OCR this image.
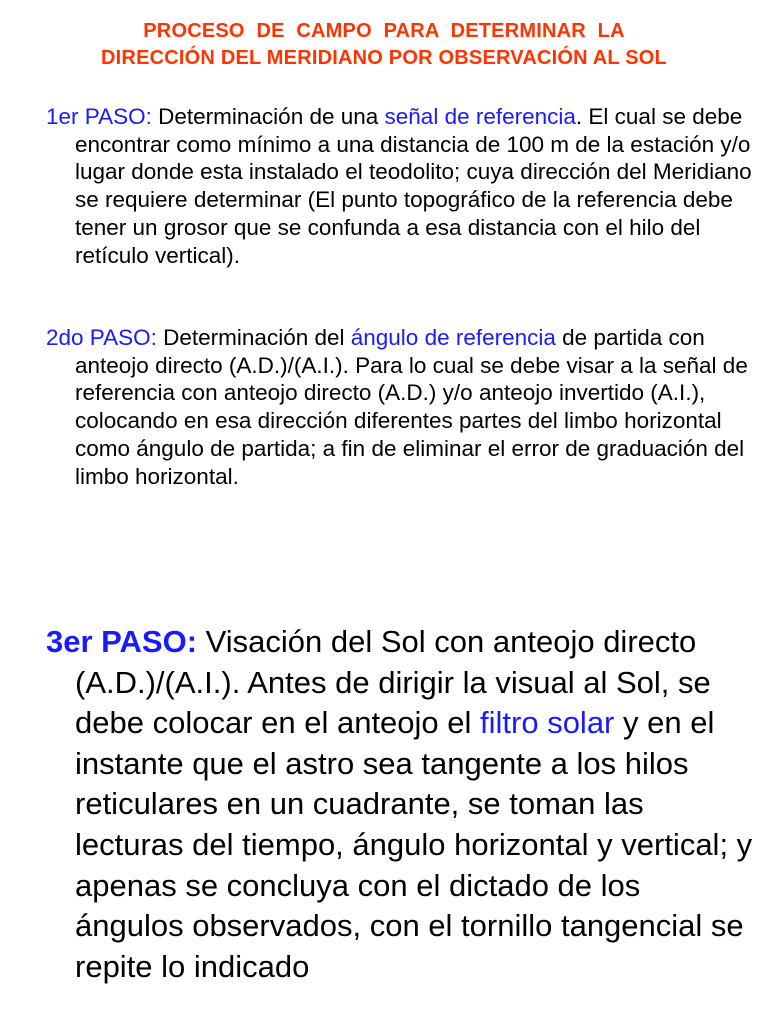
PROCESO DE CAMPO PARA DETERMINAR LA
DIRECCIÓN DEL MERIDIANO POR OBSERVACIÓN AL SOL

1er PASO: Determinación de una señal de referencia. El cual se debe encontrar como mínimo a una distancia de 100 m de la estación y/o lugar donde esta instalado el teodolito; cuya dirección del Meridiano se requiere determinar (El punto topográfico de la referencia debe tener un grosor que se confunda a esa distancia con el hilo del retículo vertical).

2do PASO: Determinación del ángulo de referencia de partida con anteojo directo (A.D.)/(A.I.). Para lo cual se debe visar a la señal de referencia con anteojo directo (A.D.) y/o anteojo invertido (A.I.), colocando en esa dirección diferentes partes del limbo horizontal como ángulo de partida; a fin de eliminar el error de graduación del limbo horizontal.

3er PASO: Visación del Sol con anteojo directo (A.D.)/(A.I.). Antes de dirigir la visual al Sol, se debe colocar en el anteojo el filtro solar y en el instante que el astro sea tangente a los hilos reticulares en un cuadrante, se toman las lecturas del tiempo, ángulo horizontal y vertical; y apenas se concluya con el dictado de los ángulos observados, con el tornillo tangencial se repite lo indicado
